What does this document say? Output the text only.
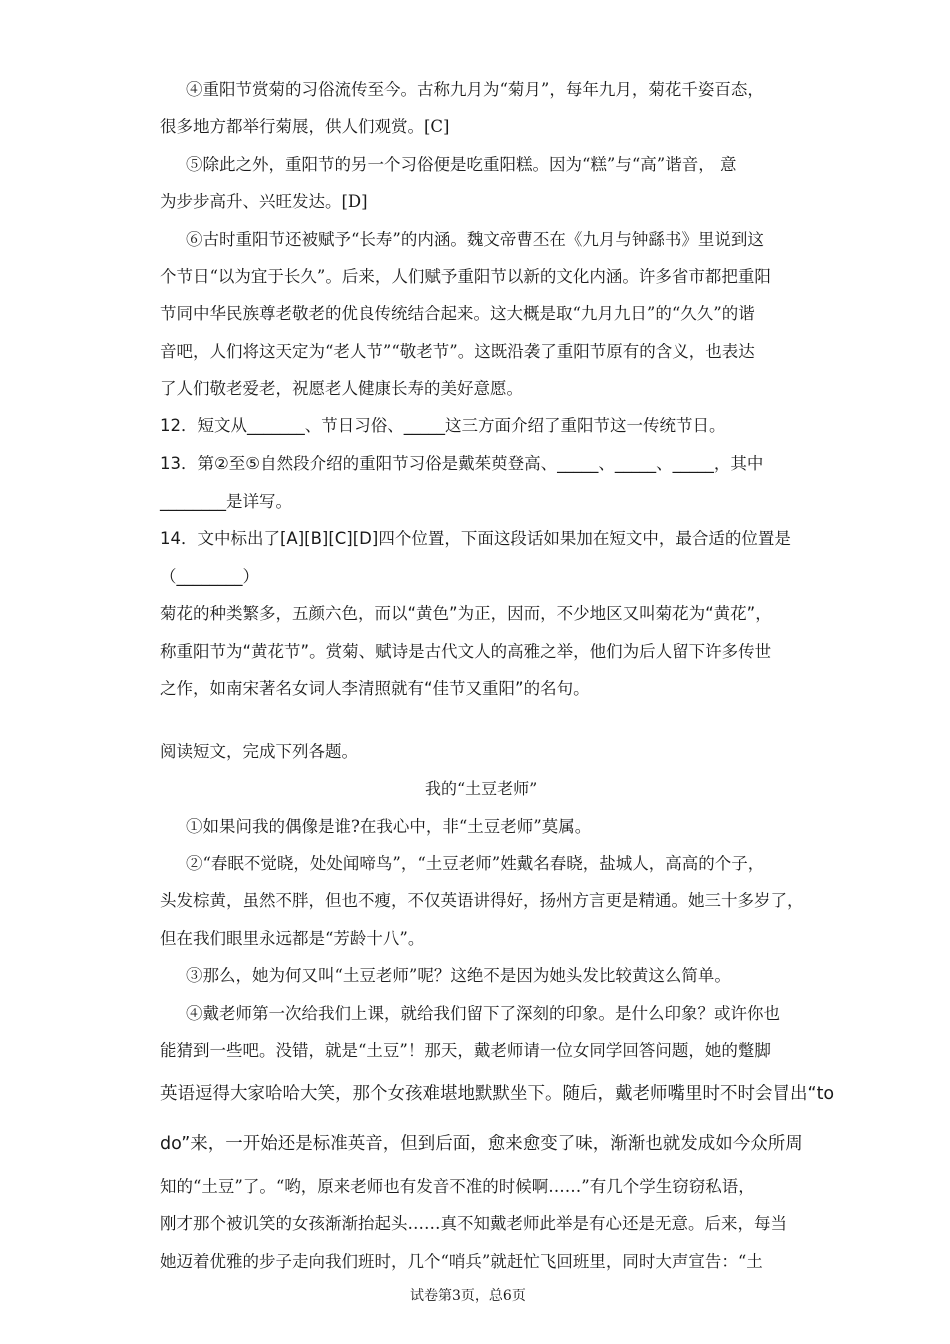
④重阳节赏菊的习俗流传至今。古称九月为“菊月”，每年九月，菊花千姿百态，
很多地方都举行菊展，供人们观赏。[C]
⑤除此之外，重阳节的另一个习俗便是吃重阳糕。因为“糕”与“高”谐音， 意
为步步高升、兴旺发达。[D]
⑥古时重阳节还被赋予“长寿”的内涵。魏文帝曹丕在《九月与钟繇书》里说到这
个节日“以为宜于长久”。后来，人们赋予重阳节以新的文化内涵。许多省市都把重阳
节同中华民族尊老敬老的优良传统结合起来。这大概是取“九月九日”的“久久”的谐
音吧，人们将这天定为“老人节”“敬老节”。这既沿袭了重阳节原有的含义，也表达
了人们敬老爱老，祝愿老人健康长寿的美好意愿。
12．短文从_______、节日习俗、_____这三方面介绍了重阳节这一传统节日。
13．第②至⑤自然段介绍的重阳节习俗是戴茱萸登高、_____、_____、_____，其中
________是详写。
14．文中标出了[A][B][C][D]四个位置，下面这段话如果加在短文中，最合适的位置是
（________）
菊花的种类繁多，五颜六色，而以“黄色”为正，因而，不少地区又叫菊花为“黄花”，
称重阳节为“黄花节”。赏菊、赋诗是古代文人的高雅之举，他们为后人留下许多传世
之作，如南宋著名女词人李清照就有“佳节又重阳”的名句。
阅读短文，完成下列各题。
我的“土豆老师”
①如果问我的偶像是谁?在我心中，非“土豆老师”莫属。
②“春眠不觉晓，处处闻啼鸟”，“土豆老师”姓戴名春晓，盐城人，高高的个子，
头发棕黄，虽然不胖，但也不瘦，不仅英语讲得好，扬州方言更是精通。她三十多岁了，
但在我们眼里永远都是“芳龄十八”。
③那么，她为何又叫“土豆老师”呢？这绝不是因为她头发比较黄这么简单。
④戴老师第一次给我们上课，就给我们留下了深刻的印象。是什么印象？或许你也
能猜到一些吧。没错，就是“土豆”！那天，戴老师请一位女同学回答问题，她的蹩脚
英语逗得大家哈哈大笑，那个女孩难堪地默默坐下。随后，戴老师嘴里时不时会冒出“to
do”来，一开始还是标准英音，但到后面，愈来愈变了味，渐渐也就发成如今众所周
知的“土豆”了。“哟，原来老师也有发音不准的时候啊……”有几个学生窃窃私语，
刚才那个被讥笑的女孩渐渐抬起头……真不知戴老师此举是有心还是无意。后来，每当
她迈着优雅的步子走向我们班时，几个“哨兵”就赶忙飞回班里，同时大声宣告：“土
试卷第3页，总6页
